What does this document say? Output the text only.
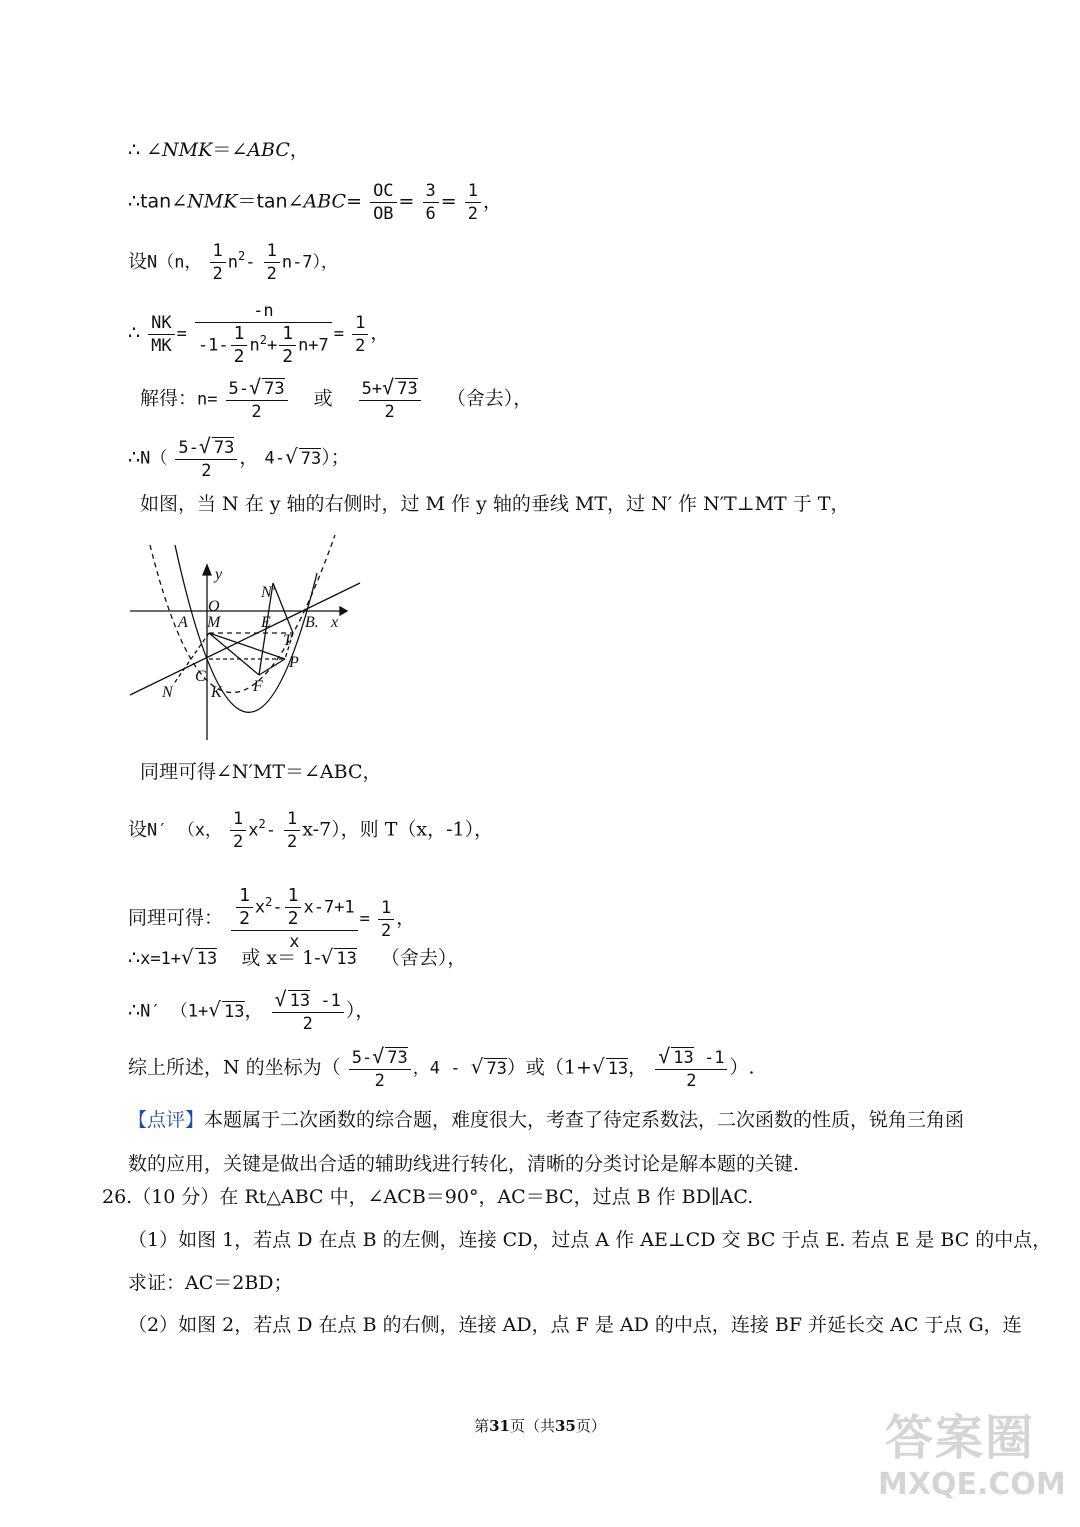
∴ ∠NMK＝∠ABC，
∴tan∠NMK＝tan∠ABC= $\frac{OC}{OB} = \frac{3}{6} = \frac{1}{2}$ ，
设N（n， $\frac{1}{2} n^2- \frac{1}{2} n-7$），
∴ $\frac{NK}{MK} = \frac{-n}{-1- \frac{1}{2} n^2+ \frac{1}{2} n+7} = \frac{1}{2}$ ，
解得：$n= \frac{5-√ 73}{2}$ 或 $\frac{5+√ 73}{2}$ （舍去），
∴N（ $\frac{5-√ 73}{2}$ ， 4-√ 73）；
如图，当 N 在 y 轴的右侧时，过 M 作 y 轴的垂线 MT，过 N′ 作 N′T⊥MT 于 T，
y
N′
O
A M	E B. x
T
P
C
F
N K
同理可得∠N′MT＝∠ABC，
设N′ （x， $\frac{1}{2} x^2- \frac{1}{2} x-7$），则 T（x，-1），
同理可得： $\frac{\frac{1}{2} x^2- \frac{1}{2} x-7+1}{x} = \frac{1}{2}$ ，
∴x=1+√ 13 或 x＝ 1-√ 13 （舍去），
∴N′ （1+√ 13， $\frac{√ 13 -1}{2}$ ），
综上所述，N 的坐标为（ $\frac{5-√ 73}{2}$ ，4 - √ 73）或（1+√ 13， $\frac{√ 13 -1}{2}$ ）.
【点评】本题属于二次函数的综合题，难度很大，考查了待定系数法，二次函数的性质，锐角三角函数的应用，关键是做出合适的辅助线进行转化，清晰的分类讨论是解本题的关键.
26.（10 分）在 Rt△ABC 中，∠ACB＝90°，AC＝BC，过点 B 作 BD∥AC.
（1）如图 1，若点 D 在点 B 的左侧，连接 CD，过点 A 作 AE⊥CD 交 BC 于点 E. 若点 E 是 BC 的中点，
求证：AC＝2BD；
（2）如图 2，若点 D 在点 B 的右侧，连接 AD，点 F 是 AD 的中点，连接 BF 并延长交 AC 于点 G，连
第31页（共35页）	答案圈
MXQE.COM
